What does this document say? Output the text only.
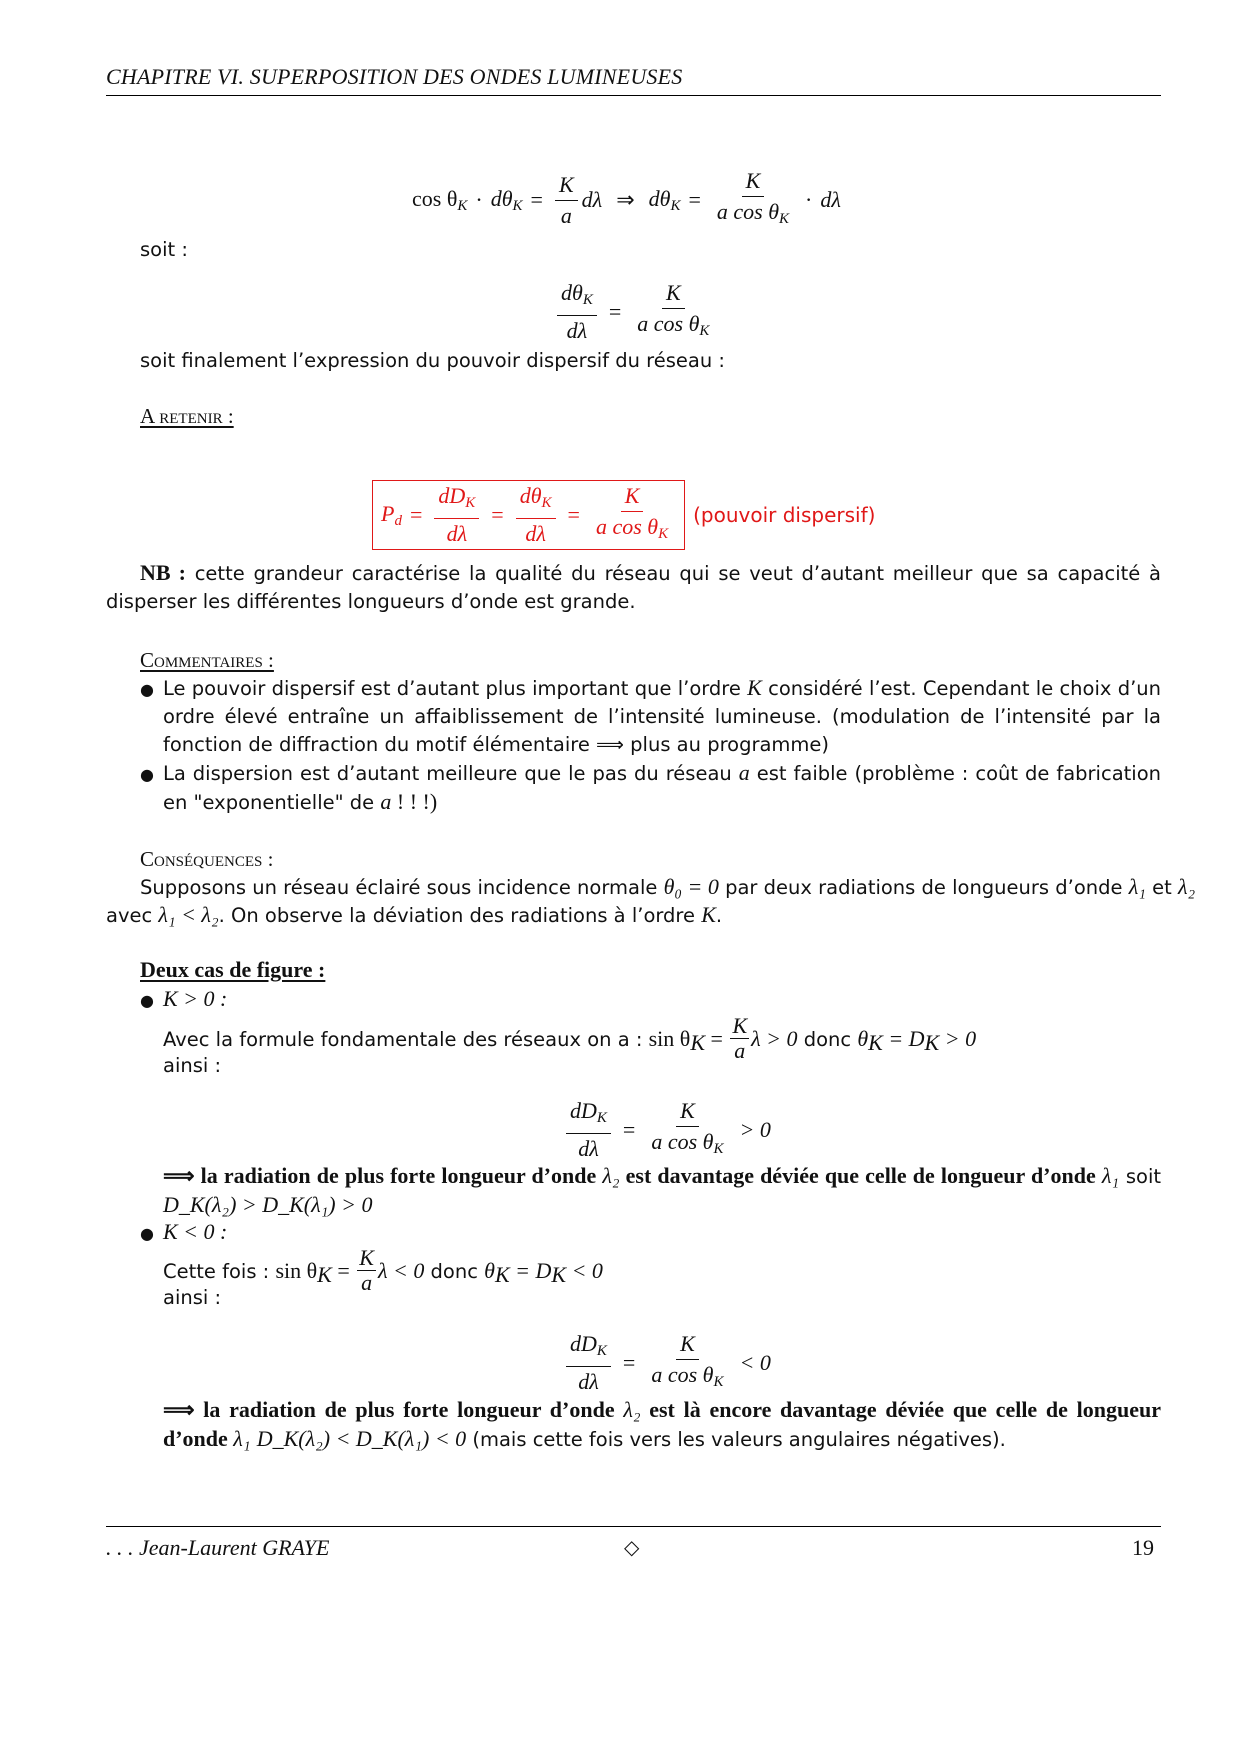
CHAPITRE VI. SUPERPOSITION DES ONDES LUMINEUSES
$\cos \theta_K \cdot d\theta_K = \frac{K}{a}$ dλ ⇒ $d\theta_K = \frac{K}{a \cos \theta_K} \cdot d\lambda$
soit :
$\frac{d\theta_K}{d\lambda} = \frac{K}{a \cos \theta_K}$
soit finalement l’expression du pouvoir dispersif du réseau :
A retenir :
$P_d = \frac{dD_K}{d\lambda} = \frac{d\theta_K}{d\lambda} = \frac{K}{a \cos \theta_K}$ (pouvoir dispersif)
NB : cette grandeur caractérise la qualité du réseau qui se veut d’autant meilleur que sa capacité à disperser les différentes longueurs d’onde est grande.
Commentaires :
● Le pouvoir dispersif est d’autant plus important que l’ordre K considéré l’est. Cependant le choix d’un ordre élevé entraîne un affaiblissement de l’intensité lumineuse. (modulation de l’intensité par la fonction de diffraction du motif élémentaire ⟹ plus au programme)
● La dispersion est d’autant meilleure que le pas du réseau a est faible (problème : coût de fabrication en "exponentielle" de a ! ! !)
Conséquences :
Supposons un réseau éclairé sous incidence normale θ₀ = 0 par deux radiations de longueurs d’onde λ₁ et λ₂
avec λ₁ < λ₂. On observe la déviation des radiations à l’ordre K.
Deux cas de figure :
● K > 0 :
Avec la formule fondamentale des réseaux on a : $\sin \theta_K = \frac{K}{a}$ λ > 0 donc $\theta_K = D_K > 0$
ainsi :
$\frac{dD_K}{d\lambda} = \frac{K}{a \cos \theta_K} > 0$
⟹ la radiation de plus forte longueur d’onde λ₂ est davantage déviée que celle de longueur d’onde λ₁ soit D_K(λ₂) > D_K(λ₁) > 0
● K < 0 :
Cette fois : $\sin \theta_K = \frac{K}{a}$ λ < 0 donc $\theta_K = D_K < 0$
ainsi :
$\frac{dD_K}{d\lambda} = \frac{K}{a \cos \theta_K} < 0$
⟹ la radiation de plus forte longueur d’onde λ₂ est là encore davantage déviée que celle de longueur d’onde λ₁ D_K(λ₂) < D_K(λ₁) < 0 (mais cette fois vers les valeurs angulaires négatives).
. . . Jean-Laurent GRAYE	◇	19
